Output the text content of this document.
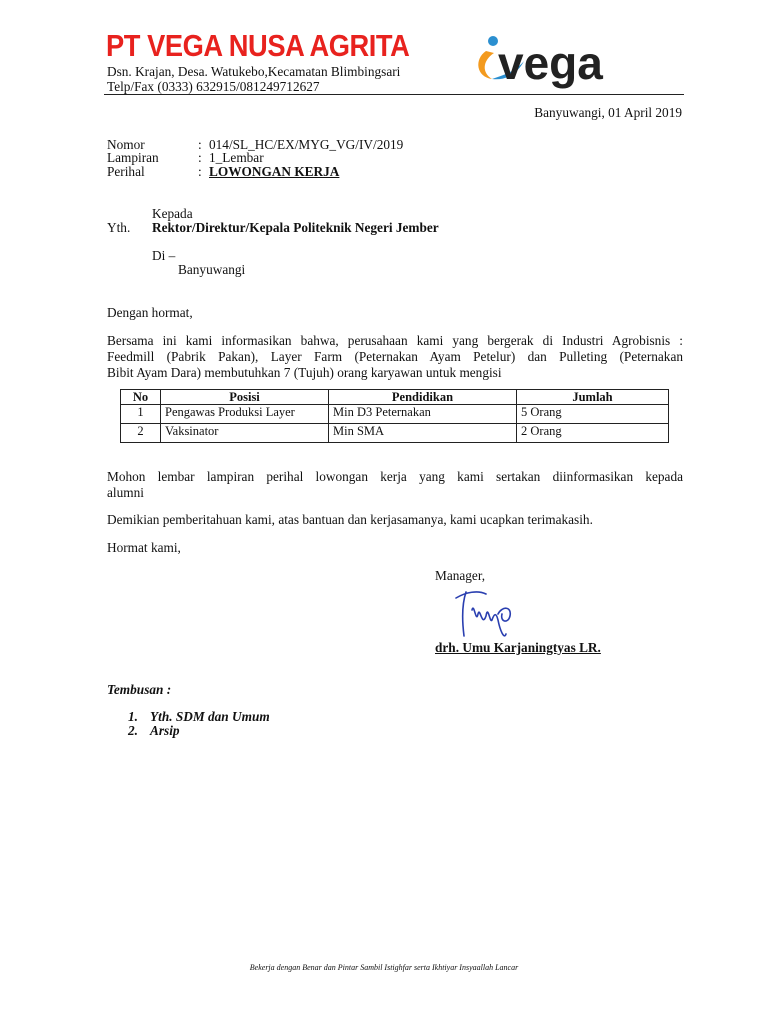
PT VEGA NUSA AGRITA
Dsn. Krajan, Desa. Watukebo,Kecamatan Blimbingsari
Telp/Fax (0333) 632915/081249712627	vega
Banyuwangi, 01 April 2019
Nomor	: 014/SL_HC/EX/MYG_VG/IV/2019
Lampiran	: 1_Lembar
Perihal	: LOWONGAN KERJA
Kepada
Yth. Rektor/Direktur/Kepala Politeknik Negeri Jember
Di –
Banyuwangi
Dengan hormat,
Bersama ini kami informasikan bahwa, perusahaan kami yang bergerak di Industri Agrobisnis :
Feedmill (Pabrik Pakan), Layer Farm (Peternakan Ayam Petelur) dan Pulleting (Peternakan
Bibit Ayam Dara) membutuhkan 7 (Tujuh) orang karyawan untuk mengisi
No	Posisi	Pendidikan	Jumlah
1	Pengawas Produksi Layer	Min D3 Peternakan	5 Orang
2	Vaksinator	Min SMA	2 Orang
Mohon lembar lampiran perihal lowongan kerja yang kami sertakan diinformasikan kepada
alumni
Demikian pemberitahuan kami, atas bantuan dan kerjasamanya, kami ucapkan terimakasih.
Hormat kami,
Manager,
drh. Umu Karjaningtyas LR.
Tembusan :
1. Yth. SDM dan Umum
2. Arsip
Bekerja dengan Benar dan Pintar Sambil Istighfar serta Ikhtiyar Insyaallah Lancar
